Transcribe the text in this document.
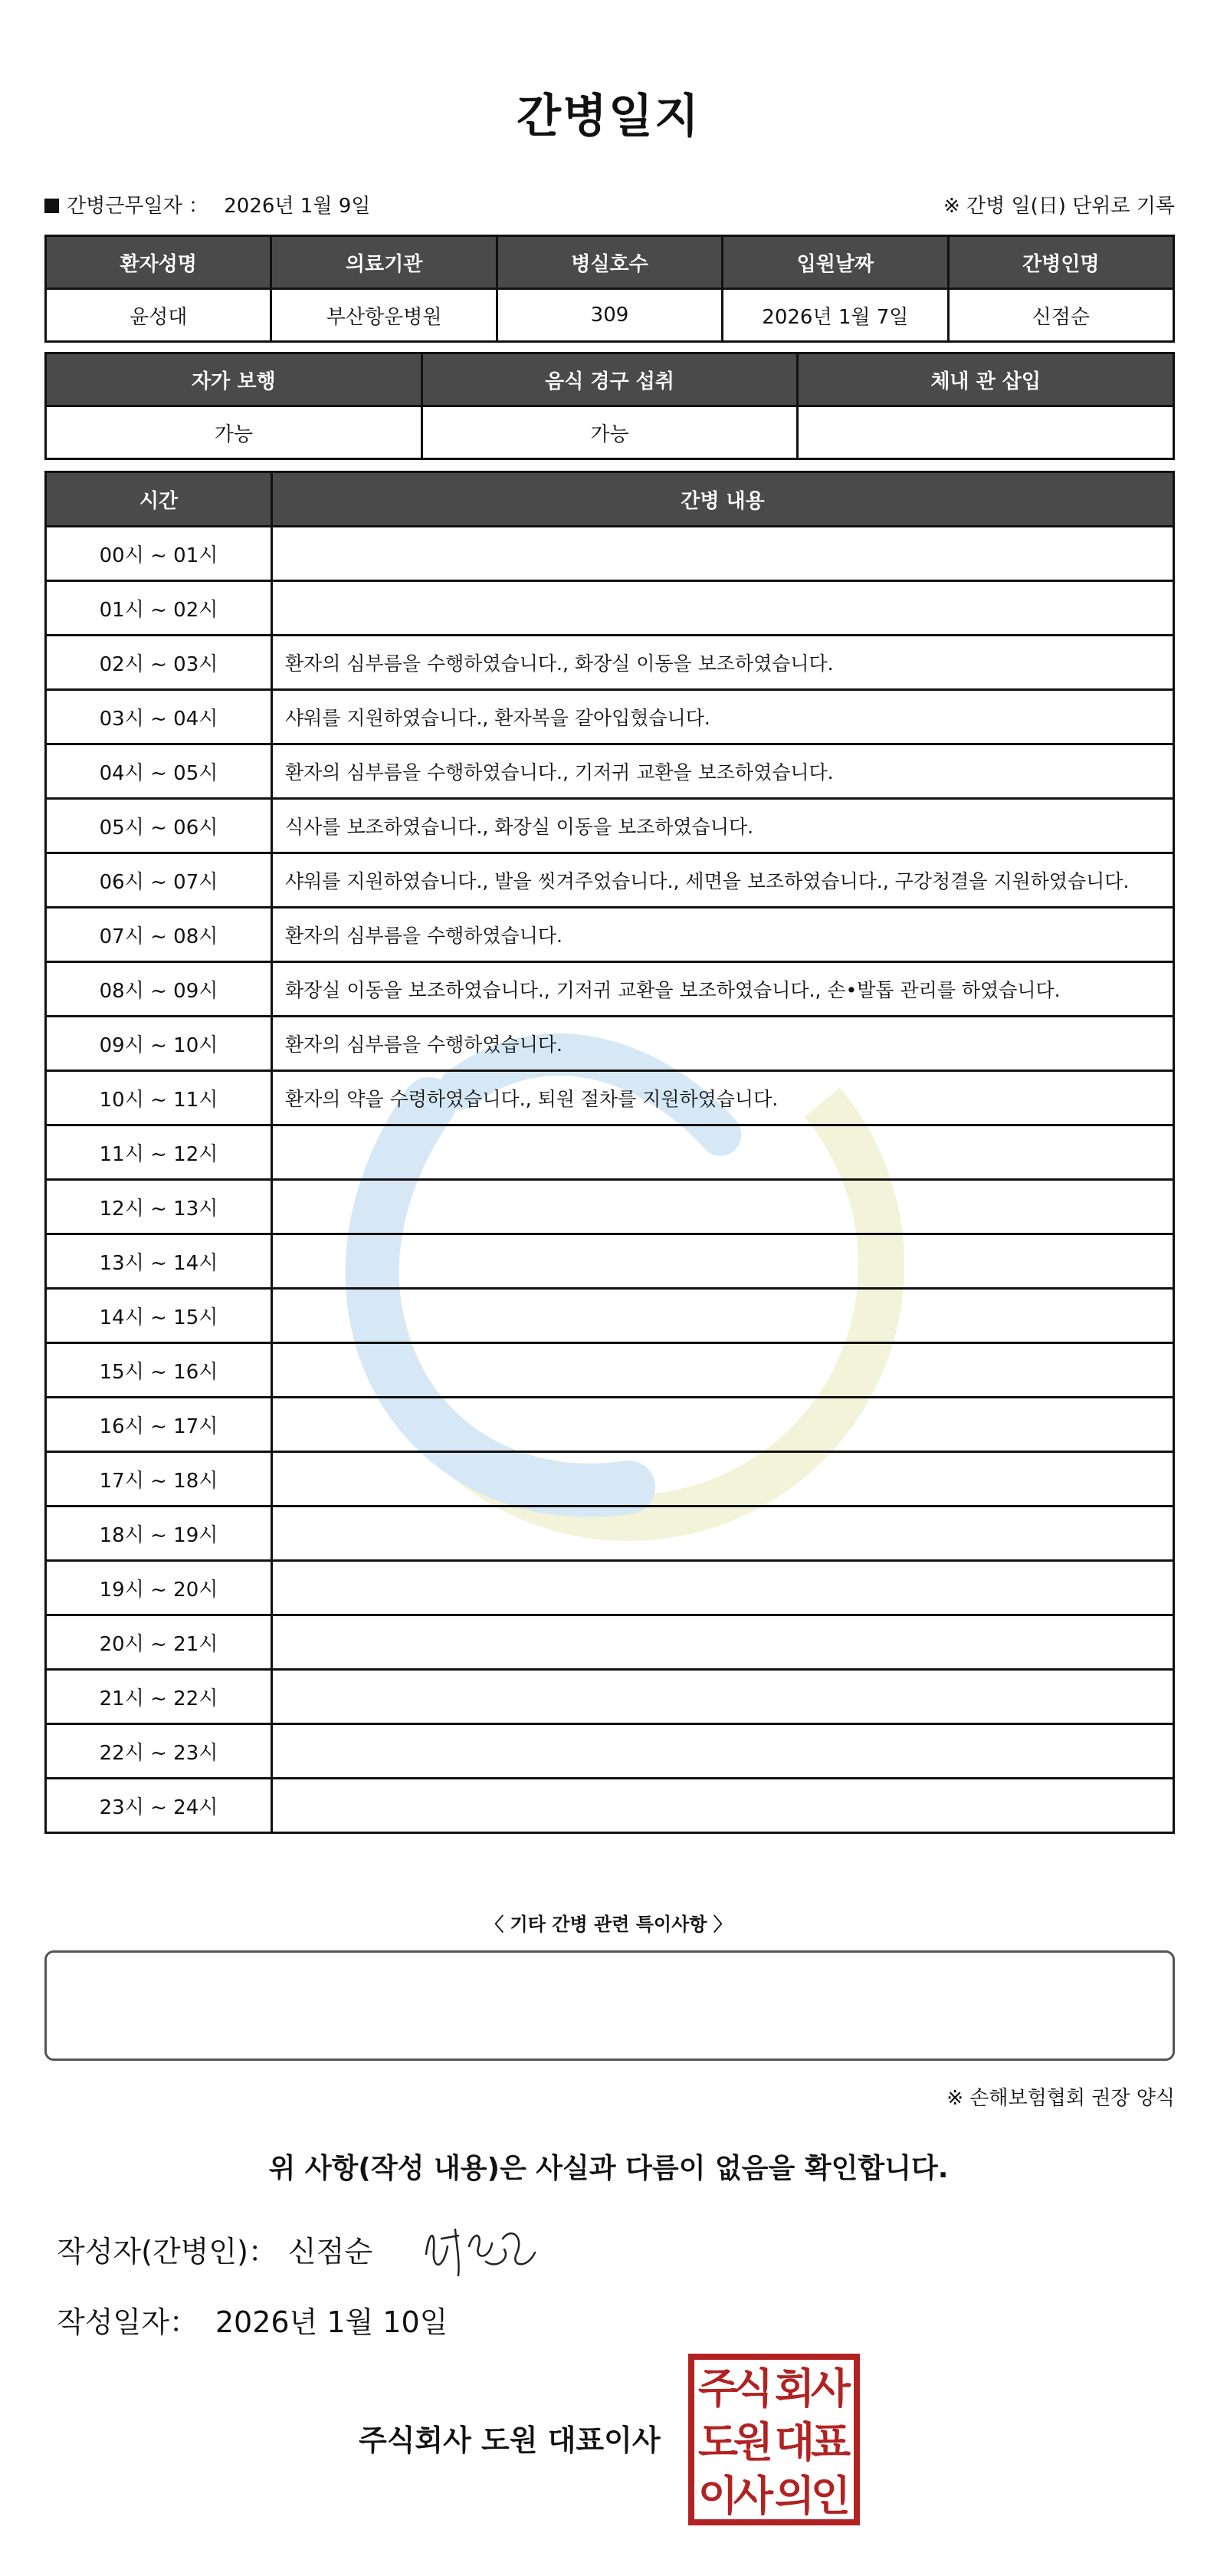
간병일지
간병근무일자 ： 2026년 1월 9일	※ 간병 일(日) 단위로 기록
환자성명	의료기관	병실호수	입원날짜	간병인명
윤성대	부산항운병원	309	2026년 1월 7일	신점순
자가 보행	음식 경구 섭취	체내 관 삽입
가능	가능	
시간	간병 내용
00시 ~ 01시	
01시 ~ 02시	
02시 ~ 03시	환자의 심부름을 수행하였습니다., 화장실 이동을 보조하였습니다.
03시 ~ 04시	샤워를 지원하였습니다., 환자복을 갈아입혔습니다.
04시 ~ 05시	환자의 심부름을 수행하였습니다., 기저귀 교환을 보조하였습니다.
05시 ~ 06시	식사를 보조하였습니다., 화장실 이동을 보조하였습니다.
06시 ~ 07시	샤워를 지원하였습니다., 발을 씻겨주었습니다., 세면을 보조하였습니다., 구강청결을 지원하였습니다.
07시 ~ 08시	환자의 심부름을 수행하였습니다.
08시 ~ 09시	화장실 이동을 보조하였습니다., 기저귀 교환을 보조하였습니다., 손•발톱 관리를 하였습니다.
09시 ~ 10시	환자의 심부름을 수행하였습니다.
10시 ~ 11시	환자의 약을 수령하였습니다., 퇴원 절차를 지원하였습니다.
11시 ~ 12시	
12시 ~ 13시	
13시 ~ 14시	
14시 ~ 15시	
15시 ~ 16시	
16시 ~ 17시	
17시 ~ 18시	
18시 ~ 19시	
19시 ~ 20시	
20시 ~ 21시	
21시 ~ 22시	
22시 ~ 23시	
23시 ~ 24시	
〈 기타 간병 관련 특이사항 〉
※ 손해보험협회 권장 양식
위 사항(작성 내용)은 사실과 다름이 없음을 확인합니다.
작성자(간병인)： 신점순
작성일자： 2026년 1월 10일
주식회사 도원 대표이사
주
식 회
사
도
원 대
표
이
사 의
인
